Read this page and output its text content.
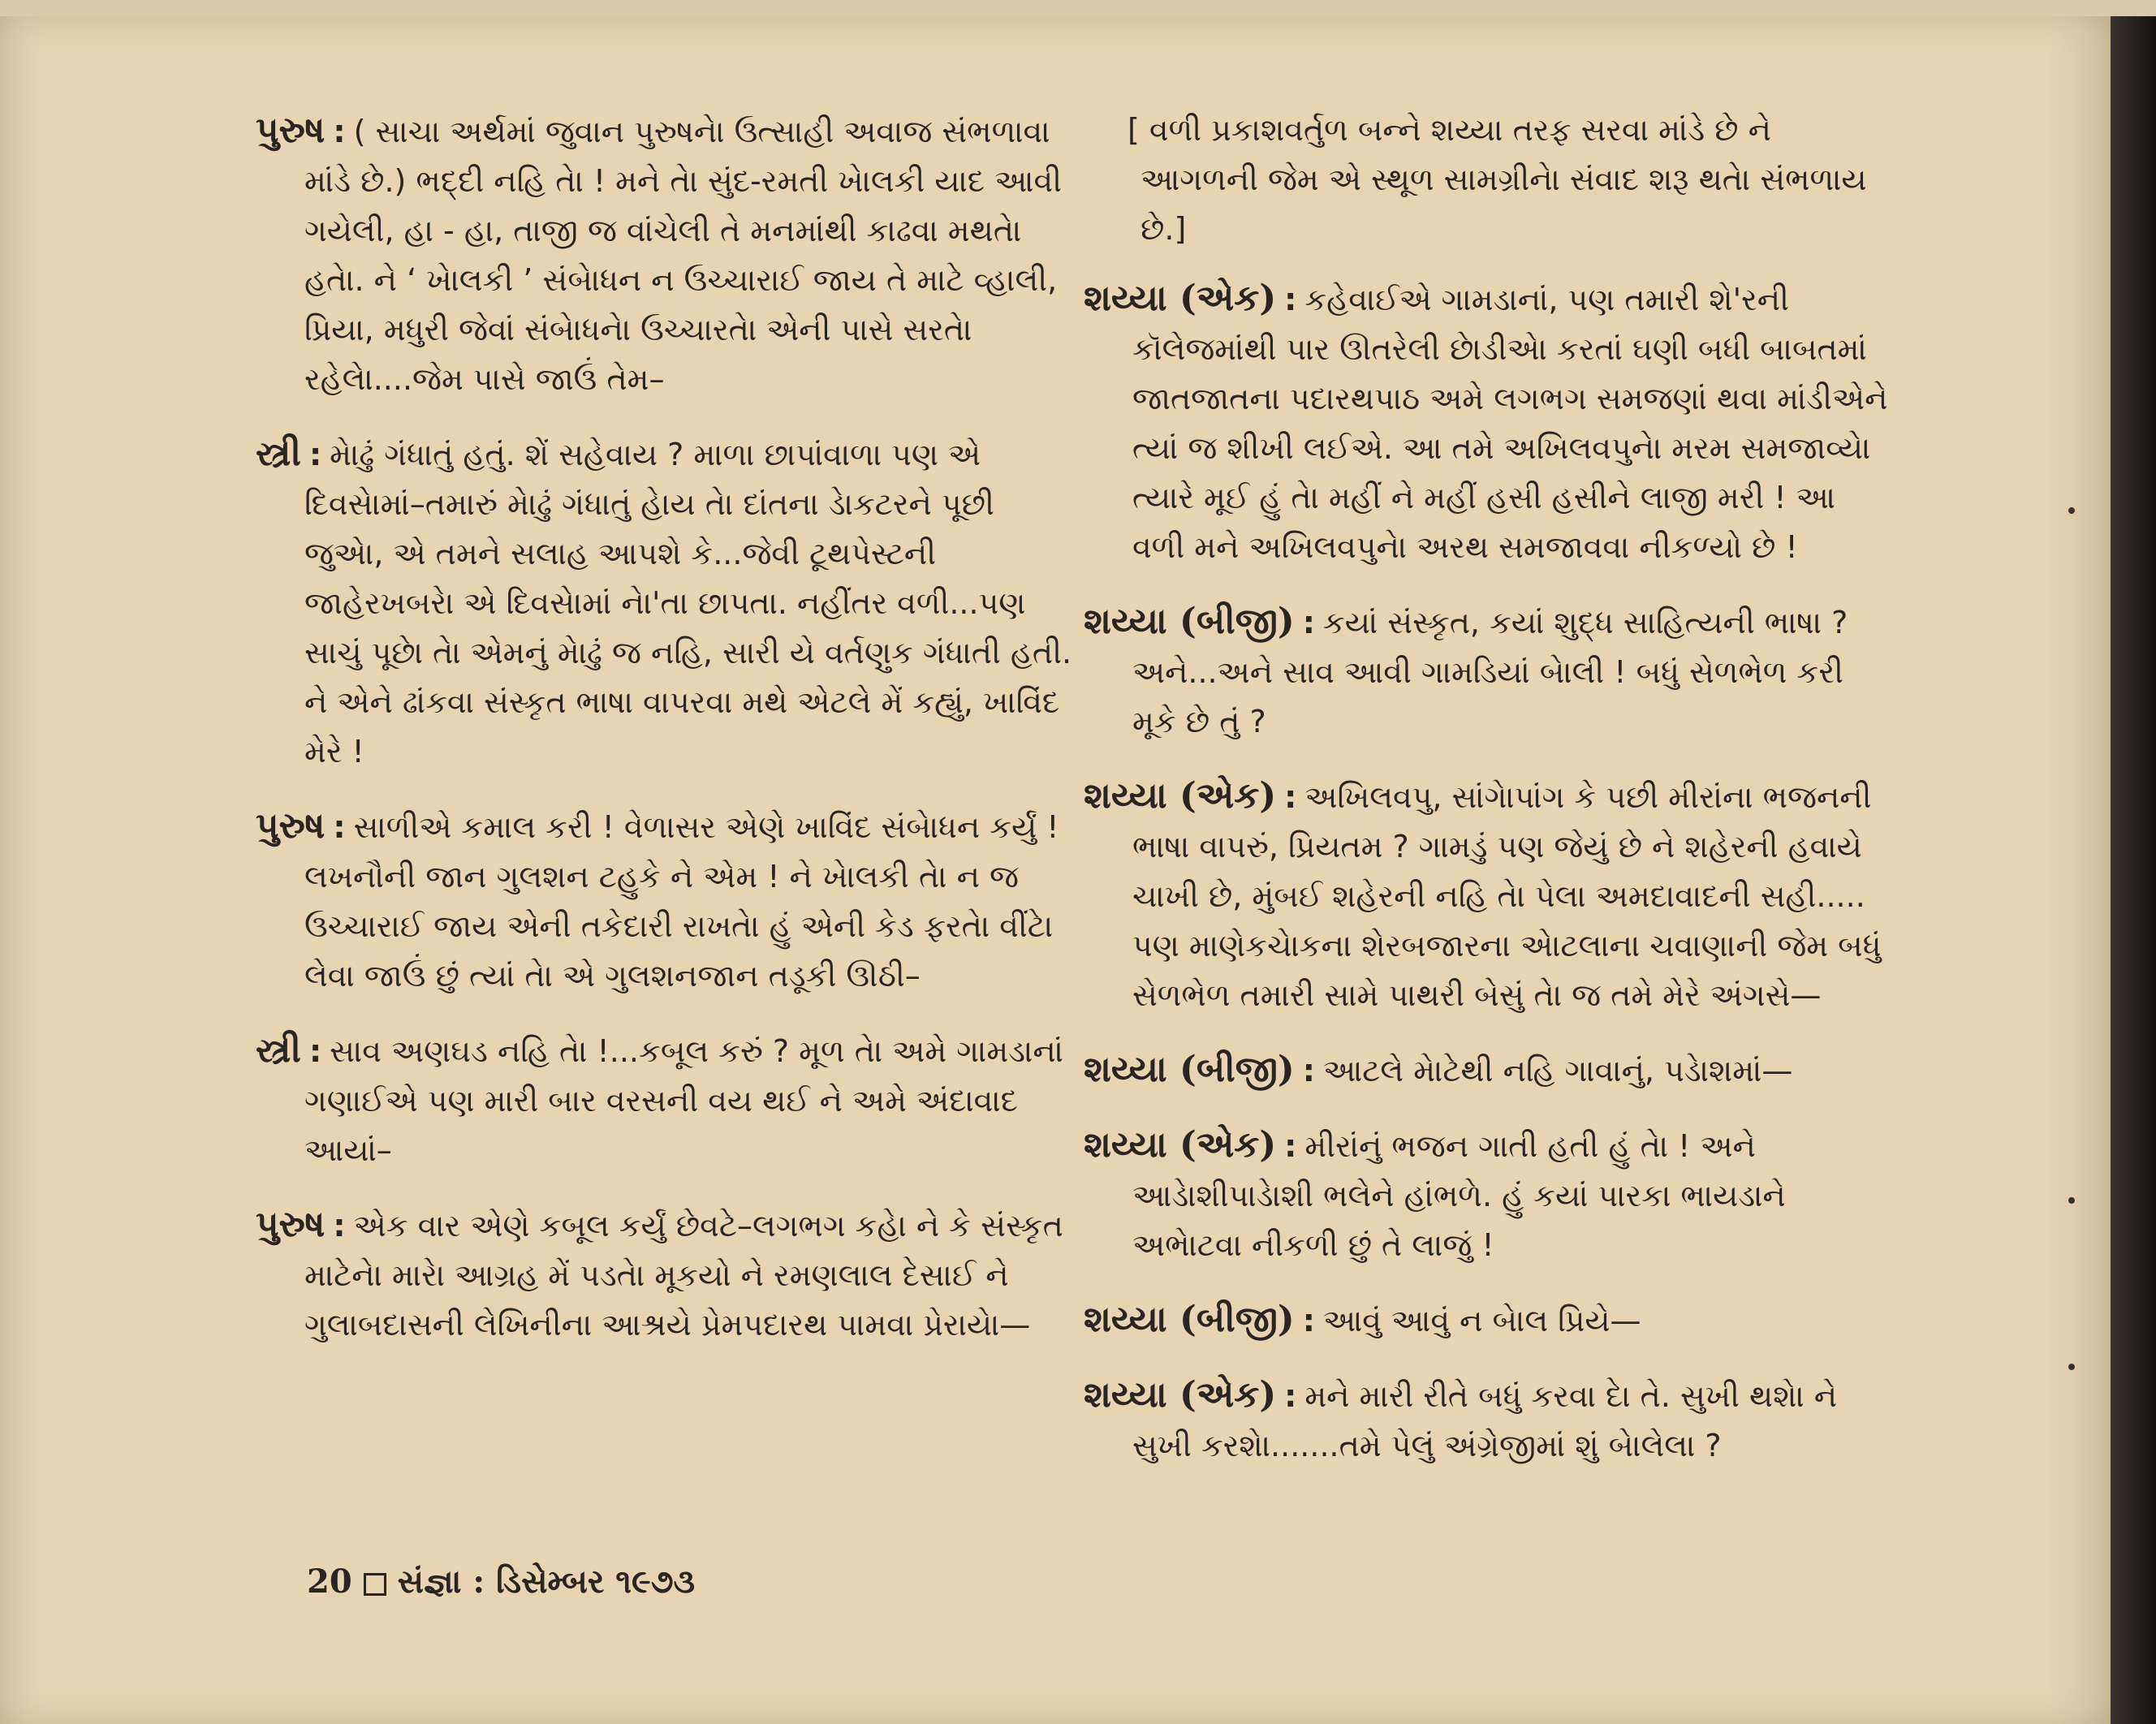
પુરુષ : ( સાચા અર્થમાં જુવાન પુરુષનેા ઉત્સાહી અવાજ સંભળાવા માંડે છે.) ભદ્દી નહિ તેા ! મને તેા સુંદ-રમતી ખેાલકી યાદ આવી ગયેલી, હા - હા, તાજી જ વાંચેલી તે મનમાંથી કાઢવા મથતેા હતેા. ને ‘ ખેાલકી ’ સંબેાધન ન ઉચ્ચારાઈ જાય તે માટે વ્હાલી, પ્રિયા, મધુરી જેવાં સંબેાધનેા ઉચ્ચારતેા એની પાસે સરતેા રહેલેા....જેમ પાસે જાઉં તેમ–
સ્ત્રી : મેાઢું ગંધાતું હતું. શેં સહેવાય ? માળા છાપાંવાળા પણ એ દિવસેામાં–તમારું મેાઢું ગંધાતું હેાય તેા દાંતના ડેાકટરને પૂછી જુએા, એ તમને સલાહ આપશે કે...જેવી ટૂથપેસ્ટની જાહેરખબરેા એ દિવસેામાં નેા'તા છાપતા. નહીંતર વળી...પણ સાચું પૂછેા તેા એમનું મેાઢું જ નહિ, સારી યે વર્તણુક ગંધાતી હતી. ને એને ઢાંકવા સંસ્કૃત ભાષા વાપરવા મથે એટલે મેં કહ્યું, ખાવિંદ મેરે !
પુરુષ : સાળીએ કમાલ કરી ! વેળાસર એણે ખાવિંદ સંબેાધન કર્યું ! લખનૌની જાન ગુલશન ટહુકે ને એમ ! ને ખેાલકી તેા ન જ ઉચ્ચારાઈ જાય એની તકેદારી રાખતેા હું એની કેડ ફરતેા વીંટેા લેવા જાઉં છું ત્યાં તેા એ ગુલશનજાન તડૂકી ઊઠી–
સ્ત્રી : સાવ અણઘડ નહિ તેા !...કબૂલ કરું ? મૂળ તેા અમે ગામડાનાં ગણાઈએ પણ મારી બાર વરસની વય થઈ ને અમે અંદાવાદ આયાં–
પુરુષ : એક વાર એણે કબૂલ કર્યું છેવટે–લગભગ કહેા ને કે સંસ્કૃત માટેનેા મારેા આગ્રહ મેં પડતેા મૂકયો ને રમણલાલ દેસાઈ ને ગુલાબદાસની લેખિનીના આશ્રયે પ્રેમપદારથ પામવા પ્રેરાયેા—
[ વળી પ્રકાશવર્તુળ બન્ને શય્યા તરફ સરવા માંડે છે ને આગળની જેમ એ સ્થૂળ સામગ્રીનેા સંવાદ શરૂ થતેા સંભળાય છે.]
શય્યા (એક) : કહેવાઈએ ગામડાનાં, પણ તમારી શે'રની કૉલેજમાંથી પાર ઊતરેલી છેાડીએા કરતાં ઘણી બધી બાબતમાં જાતજાતના પદારથપાઠ અમે લગભગ સમજણાં થવા માંડીએને ત્યાં જ શીખી લઈએ. આ તમે અખિલવપુનેા મરમ સમજાવ્યેા ત્યારે મૂઈ હું તેા મહીં ને મહીં હસી હસીને લાજી મરી ! આ વળી મને અખિલવપુનેા અરથ સમજાવવા નીકળ્યો છે !
શય્યા (બીજી) : કયાં સંસ્કૃત, કયાં શુદ્ધ સાહિત્યની ભાષા ? અને...અને સાવ આવી ગામડિયાં બેાલી ! બધું સેળભેળ કરી મૂકે છે તું ?
શય્યા (એક) : અખિલવપુ, સાંગેાપાંગ કે પછી મીરાંના ભજનની ભાષા વાપરું, પ્રિયતમ ? ગામડું પણ જેયું છે ને શહેરની હવાયે ચાખી છે, મુંબઈ શહેરની નહિ તેા પેલા અમદાવાદની સહી..... પણ માણેકચેાકના શેરબજારના એાટલાના ચવાણાની જેમ બધું સેળભેળ તમારી સામે પાથરી બેસું તેા જ તમે મેરે અંગસે—
શય્યા (બીજી) : આટલે મેાટેથી નહિ ગાવાનું, પડેાશમાં—
શય્યા (એક) : મીરાંનું ભજન ગાતી હતી હું તેા ! અને આડેાશીપાડેાશી ભલેને હાંભળે. હું કયાં પારકા ભાયડાને અભેાટવા નીકળી છું તે લાજું !
શય્યા (બીજી) : આવું આવું ન બેાલ પ્રિયે—
શય્યા (એક) : મને મારી રીતે બધું કરવા દેા તે. સુખી થશેા ને સુખી કરશેા.......તમે પેલું અંગ્રેજીમાં શું બેાલેલા ?
20 સંજ્ઞા : ડિસેમ્બર ૧૯૭૩
